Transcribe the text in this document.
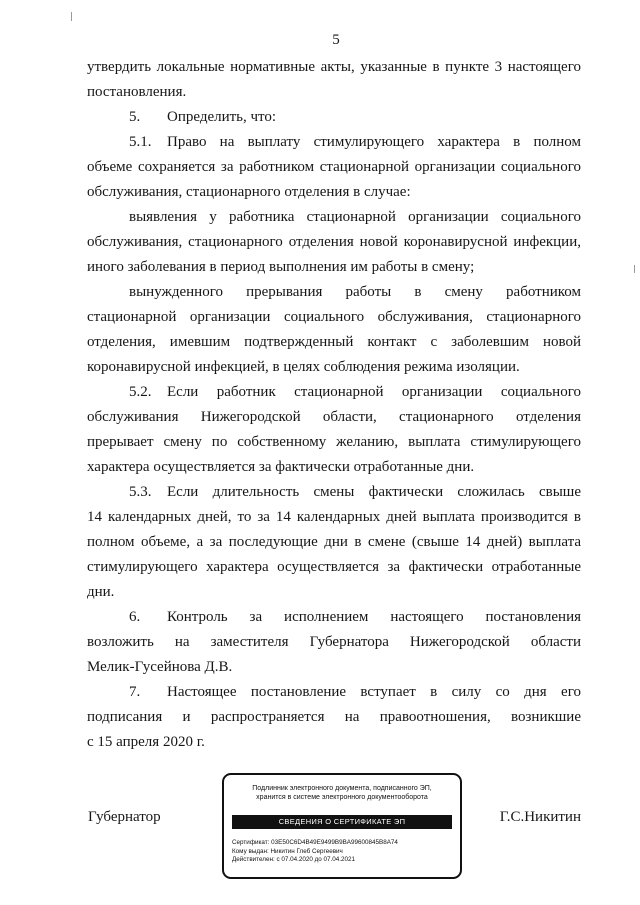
5
утвердить локальные нормативные акты, указанные в пункте 3 настоящего
постановления.
5. Определить, что:
5.1. Право на выплату стимулирующего характера в полном
объеме сохраняется за работником стационарной организации социального
обслуживания, стационарного отделения в случае:
выявления у работника стационарной организации социального
обслуживания, стационарного отделения новой коронавирусной инфекции,
иного заболевания в период выполнения им работы в смену;
вынужденного прерывания работы в смену работником
стационарной организации социального обслуживания, стационарного
отделения, имевшим подтвержденный контакт с заболевшим новой
коронавирусной инфекцией, в целях соблюдения режима изоляции.
5.2. Если работник стационарной организации социального
обслуживания Нижегородской области, стационарного отделения
прерывает смену по собственному желанию, выплата стимулирующего
характера осуществляется за фактически отработанные дни.
5.3. Если длительность смены фактически сложилась свыше
14 календарных дней, то за 14 календарных дней выплата производится в
полном объеме, а за последующие дни в смене (свыше 14 дней) выплата
стимулирующего характера осуществляется за фактически отработанные
дни.
6. Контроль за исполнением настоящего постановления
возложить на заместителя Губернатора Нижегородской области
Мелик-Гусейнова Д.В.
7. Настоящее постановление вступает в силу со дня его
подписания и распространяется на правоотношения, возникшие
с 15 апреля 2020 г.
Губернатор	Г.С.Никитин
Подлинник электронного документа, подписанного ЭП,
хранится в системе электронного документооборота
СВЕДЕНИЯ О СЕРТИФИКАТЕ ЭП
Сертификат: 03E50C6D4B49E9499B9BA99600845B8A74
Кому выдан: Никитин Глеб Сергеевич
Действителен: с 07.04.2020 до 07.04.2021
